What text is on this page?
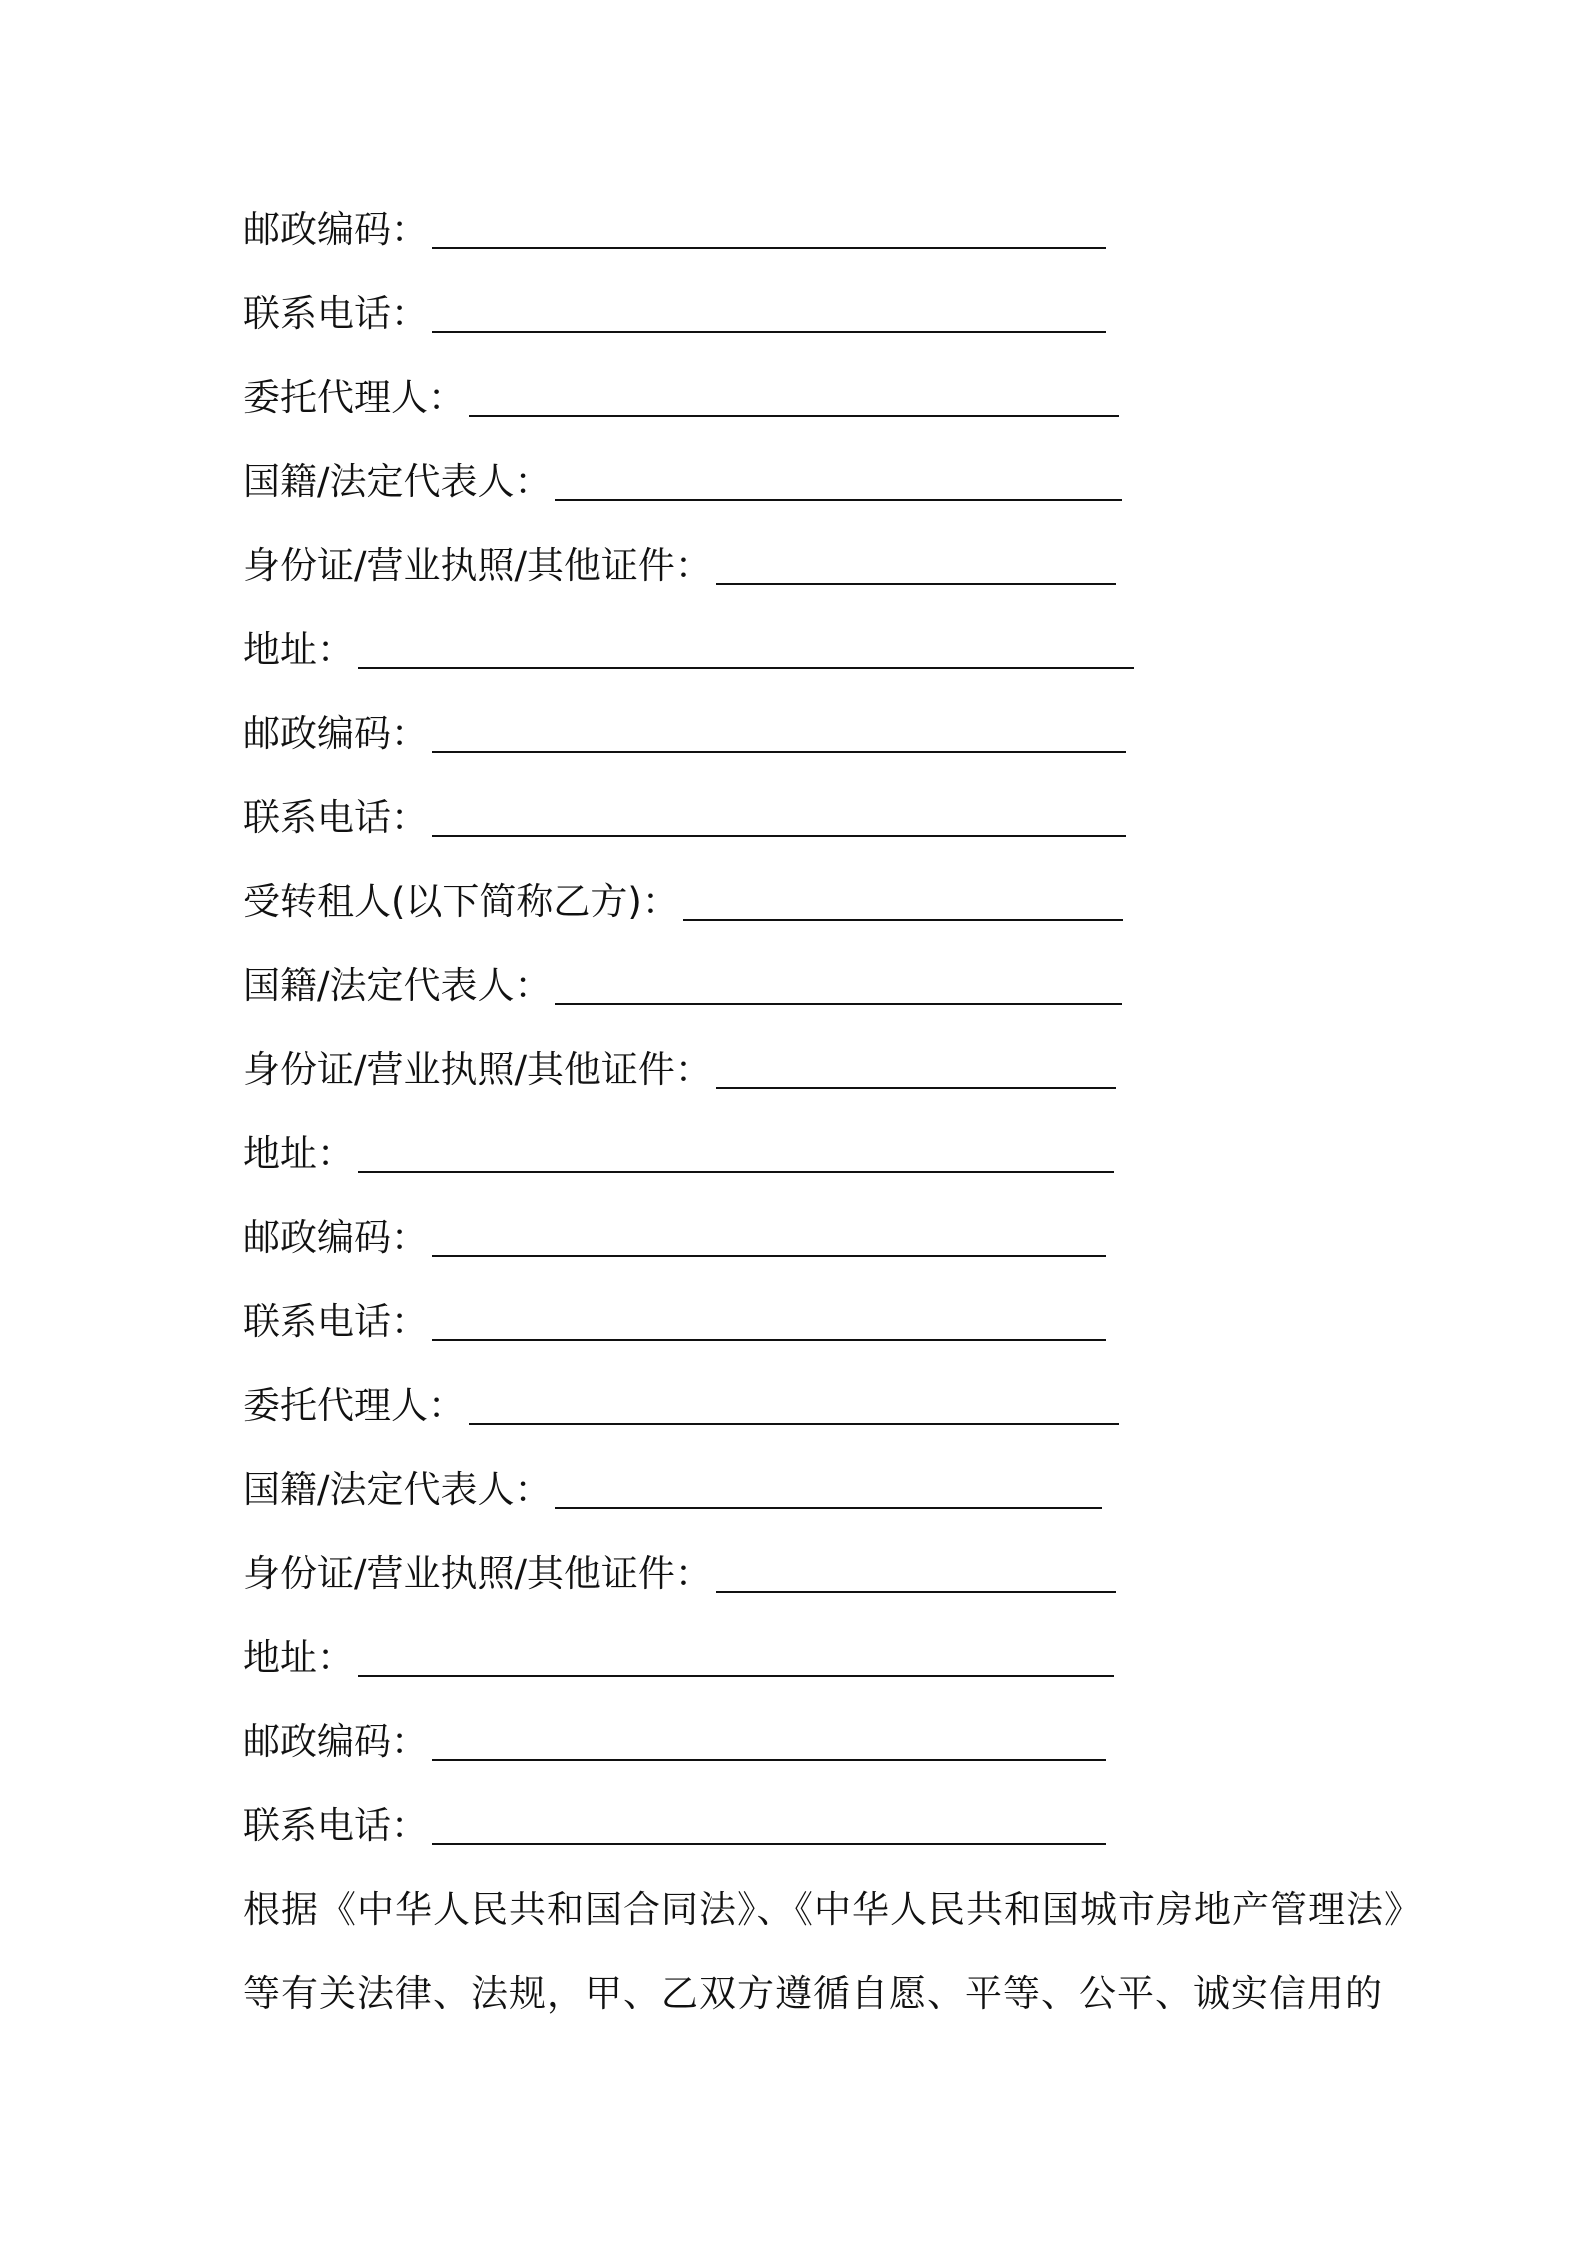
邮政编码：
联系电话：
委托代理人：
国籍/法定代表人：
身份证/营业执照/其他证件：
地址：
邮政编码：
联系电话：
受转租人(以下简称乙方)：
国籍/法定代表人：
身份证/营业执照/其他证件：
地址：
邮政编码：
联系电话：
委托代理人：
国籍/法定代表人：
身份证/营业执照/其他证件：
地址：
邮政编码：
联系电话：
根据《中华人民共和国合同法》、《中华人民共和国城市房地产管理法》
等有关法律、法规，甲、乙双方遵循自愿、平等、公平、诚实信用的
